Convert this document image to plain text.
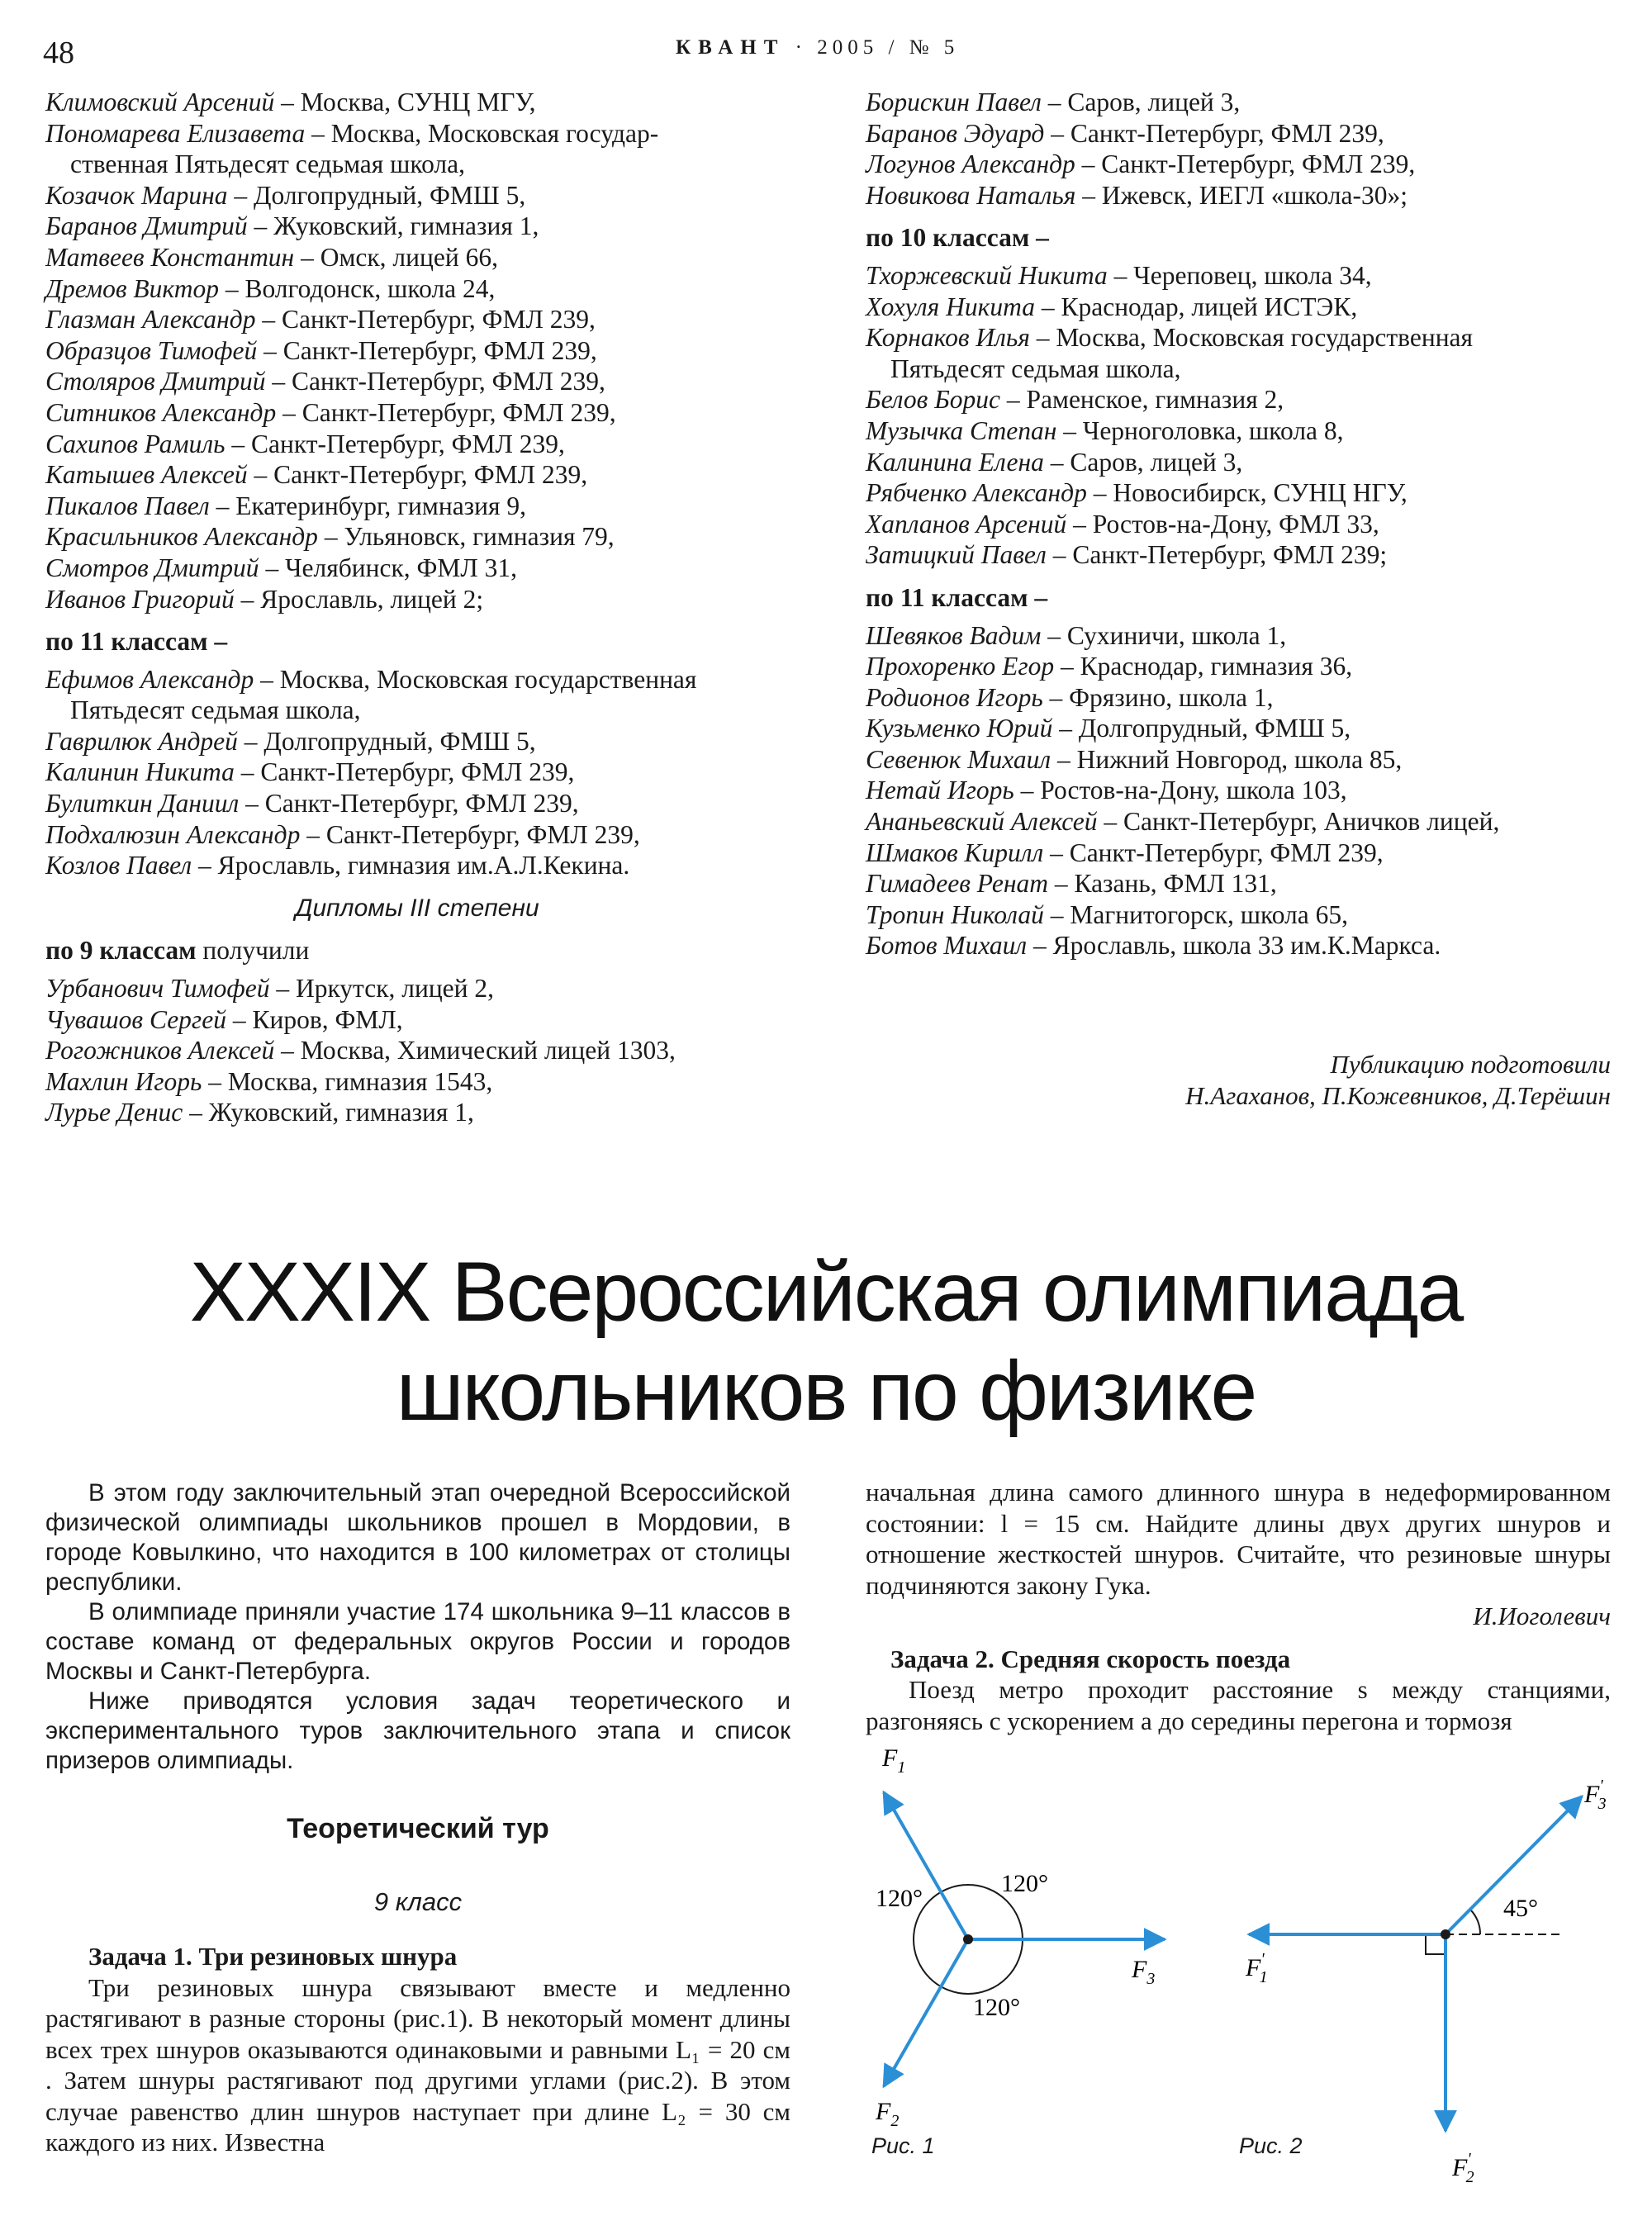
48	КВАНТ · 2005 / № 5
Климовский Арсений – Москва, СУНЦ МГУ,
Пономарева Елизавета – Москва, Московская государ-
ственная Пятьдесят седьмая школа,
Козачок Марина – Долгопрудный, ФМШ 5,
Баранов Дмитрий – Жуковский, гимназия 1,
Матвеев Константин – Омск, лицей 66,
Дремов Виктор – Волгодонск, школа 24,
Глазман Александр – Санкт-Петербург, ФМЛ 239,
Образцов Тимофей – Санкт-Петербург, ФМЛ 239,
Столяров Дмитрий – Санкт-Петербург, ФМЛ 239,
Ситников Александр – Санкт-Петербург, ФМЛ 239,
Сахипов Рамиль – Санкт-Петербург, ФМЛ 239,
Катышев Алексей – Санкт-Петербург, ФМЛ 239,
Пикалов Павел – Екатеринбург, гимназия 9,
Красильников Александр – Ульяновск, гимназия 79,
Смотров Дмитрий – Челябинск, ФМЛ 31,
Иванов Григорий – Ярославль, лицей 2;
по 11 классам –
Ефимов Александр – Москва, Московская государственная
Пятьдесят седьмая школа,
Гаврилюк Андрей – Долгопрудный, ФМШ 5,
Калинин Никита – Санкт-Петербург, ФМЛ 239,
Булиткин Даниил – Санкт-Петербург, ФМЛ 239,
Подхалюзин Александр – Санкт-Петербург, ФМЛ 239,
Козлов Павел – Ярославль, гимназия им.А.Л.Кекина.
Дипломы III степени
по 9 классам получили
Урбанович Тимофей – Иркутск, лицей 2,
Чувашов Сергей – Киров, ФМЛ,
Рогожников Алексей – Москва, Химический лицей 1303,
Махлин Игорь – Москва, гимназия 1543,
Лурье Денис – Жуковский, гимназия 1,
Борискин Павел – Саров, лицей 3,
Баранов Эдуард – Санкт-Петербург, ФМЛ 239,
Логунов Александр – Санкт-Петербург, ФМЛ 239,
Новикова Наталья – Ижевск, ИЕГЛ «школа-30»;
по 10 классам –
Тхоржевский Никита – Череповец, школа 34,
Хохуля Никита – Краснодар, лицей ИСТЭК,
Корнаков Илья – Москва, Московская государственная
Пятьдесят седьмая школа,
Белов Борис – Раменское, гимназия 2,
Музычка Степан – Черноголовка, школа 8,
Калинина Елена – Саров, лицей 3,
Рябченко Александр – Новосибирск, СУНЦ НГУ,
Хапланов Арсений – Ростов-на-Дону, ФМЛ 33,
Затицкий Павел – Санкт-Петербург, ФМЛ 239;
по 11 классам –
Шевяков Вадим – Сухиничи, школа 1,
Прохоренко Егор – Краснодар, гимназия 36,
Родионов Игорь – Фрязино, школа 1,
Кузьменко Юрий – Долгопрудный, ФМШ 5,
Севенюк Михаил – Нижний Новгород, школа 85,
Нетай Игорь – Ростов-на-Дону, школа 103,
Ананьевский Алексей – Санкт-Петербург, Аничков лицей,
Шмаков Кирилл – Санкт-Петербург, ФМЛ 239,
Гимадеев Ренат – Казань, ФМЛ 131,
Тропин Николай – Магнитогорск, школа 65,
Ботов Михаил – Ярославль, школа 33 им.К.Маркса.
Публикацию подготовили
Н.Агаханов, П.Кожевников, Д.Терёшин
XXXIX Всероссийская олимпиада
школьников по физике

В этом году заключительный этап очередной Всероссийской физической олимпиады школьников прошел в Мордовии, в городе Ковылкино, что находится в 100 километрах от столицы республики.

В олимпиаде приняли участие 174 школьника 9–11 классов в составе команд от федеральных округов России и городов Москвы и Санкт-Петербурга.

Ниже приводятся условия задач теоретического и экспериментального туров заключительного этапа и список призеров олимпиады.

Теоретический тур
9 класс
Задача 1. Три резиновых шнура

Три резиновых шнура связывают вместе и медленно растягивают в разные стороны (рис.1). В некоторый момент длины всех трех шнуров оказываются одинаковыми и равными L₁ = 20 см . Затем шнуры растягивают под другими углами (рис.2). В этом случае равенство длин шнуров наступает при длине L₂ = 30 см каждого из них. Известна

начальная длина самого длинного шнура в недеформированном состоянии: l = 15 см. Найдите длины двух других шнуров и отношение жесткостей шнуров. Считайте, что резиновые шнуры подчиняются закону Гука.
И.Иоголевич
Задача 2. Средняя скорость поезда

Поезд метро проходит расстояние s между станциями, разгоняясь с ускорением a до середины перегона и тормозя

$F_1$
$F_2$
$F_3$
120°
120°
120°
F' 3
F' 1
F' 2
45°
Рис. 1	Рис. 2
